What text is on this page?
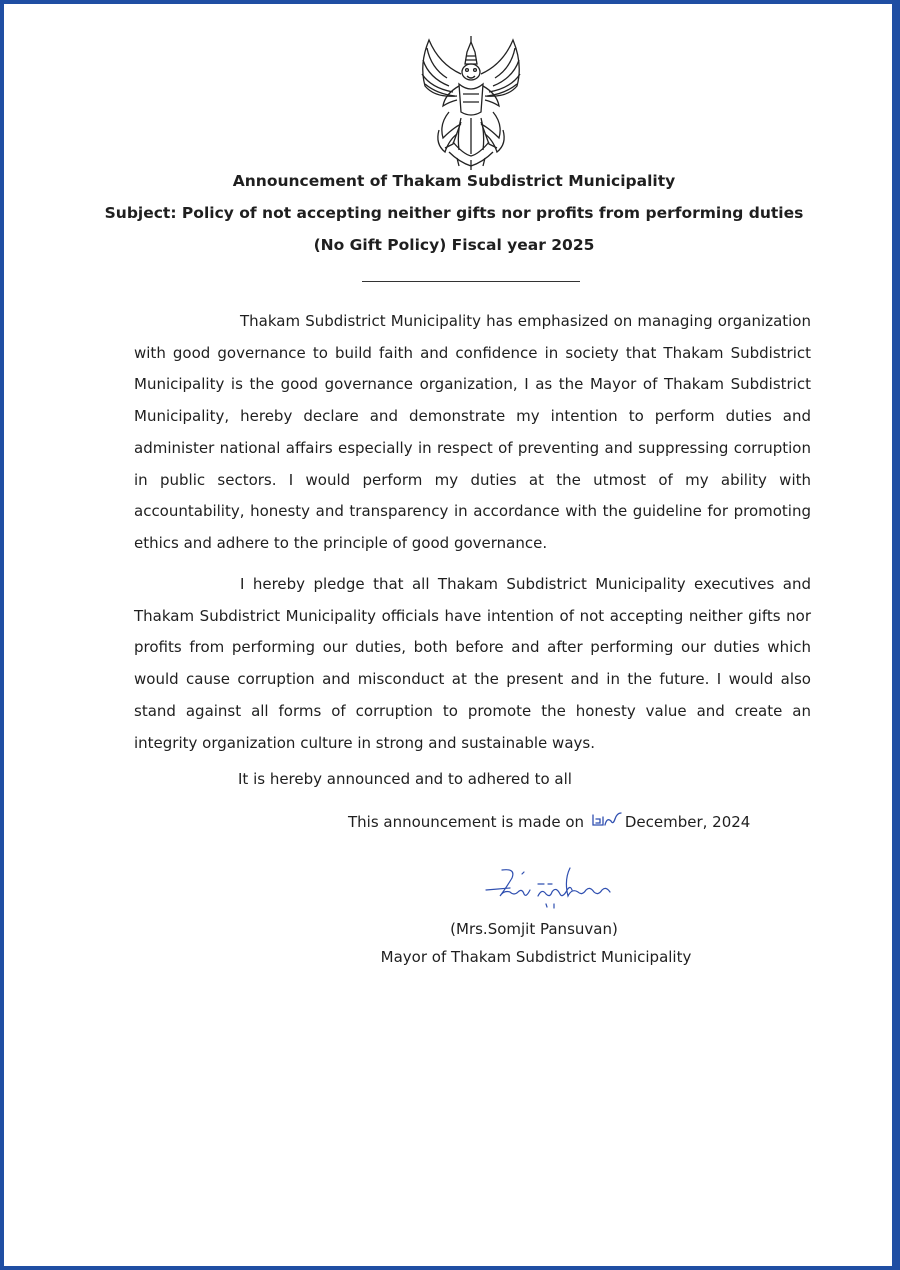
Announcement of Thakam Subdistrict Municipality

Subject: Policy of not accepting neither gifts nor profits from performing duties

(No Gift Policy) Fiscal year 2025

Thakam Subdistrict Municipality has emphasized on managing organization with good governance to build faith and confidence in society that Thakam Subdistrict Municipality is the good governance organization, I as the Mayor of Thakam Subdistrict Municipality, hereby declare and demonstrate my intention to perform duties and administer national affairs especially in respect of preventing and suppressing corruption in public sectors. I would perform my duties at the utmost of my ability with accountability, honesty and transparency in accordance with the guideline for promoting ethics and adhere to the principle of good governance.

I hereby pledge that all Thakam Subdistrict Municipality executives and Thakam Subdistrict Municipality officials have intention of not accepting neither gifts nor profits from performing our duties, both before and after performing our duties which would cause corruption and misconduct at the present and in the future. I would also stand against all forms of corruption to promote the honesty value and create an integrity organization culture in strong and sustainable ways.

It is hereby announced and to adhered to all

This announcement is made on	December, 2024

(Mrs.Somjit Pansuvan)

Mayor of Thakam Subdistrict Municipality
